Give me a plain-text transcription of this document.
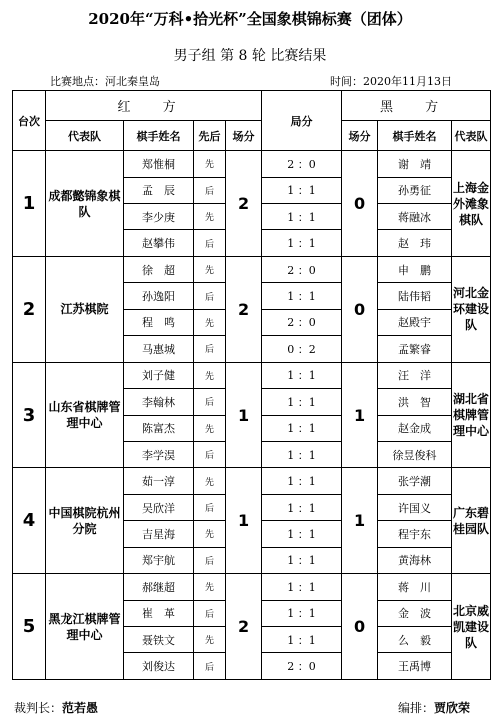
2020年“万科•拾光杯”全国象棋锦标赛（团体）
男子组 第 8 轮 比赛结果
比赛地点：河北秦皇岛	时间：2020年11月13日
台次	红 方				局分	黑 方		
	代表队	棋手姓名	先后	场分		场分	棋手姓名	代表队
1	成都懿锦象棋队	郑惟桐	先	2	2 ：0	0	谢　靖	上海金外滩象棋队
		孟　辰	后		1 ：1		孙勇征	
		李少庚	先		1 ：1		蒋融冰	
		赵攀伟	后		1 ：1		赵　玮	
2	江苏棋院	徐　超	先	2	2 ：0	0	申　鹏	河北金环建设队
		孙逸阳	后		1 ：1		陆伟韬	
		程　鸣	先		2 ：0		赵殿宇	
		马惠城	后		0 ：2		孟繁睿	
3	山东省棋牌管理中心	刘子健	先	1	1 ：1	1	汪　洋	湖北省棋牌管理中心
		李翰林	后		1 ：1		洪　智	
		陈富杰	先		1 ：1		赵金成	
		李学淏	后		1 ：1		徐昱俊科	
4	中国棋院杭州分院	茹一淳	先	1	1 ：1	1	张学潮	广东碧桂园队
		吴欣洋	后		1 ：1		许国义	
		吉星海	先		1 ：1		程宇东	
		郑宇航	后		1 ：1		黄海林	
5	黑龙江棋牌管理中心	郝继超	先	2	1 ：1	0	蒋　川	北京威凯建设队
		崔　革	后		1 ：1		金　波	
		聂铁文	先		1 ：1		么　毅	
		刘俊达	后		2 ：0		王禹博	
裁判长：范若愚	编排：贾欣荣
